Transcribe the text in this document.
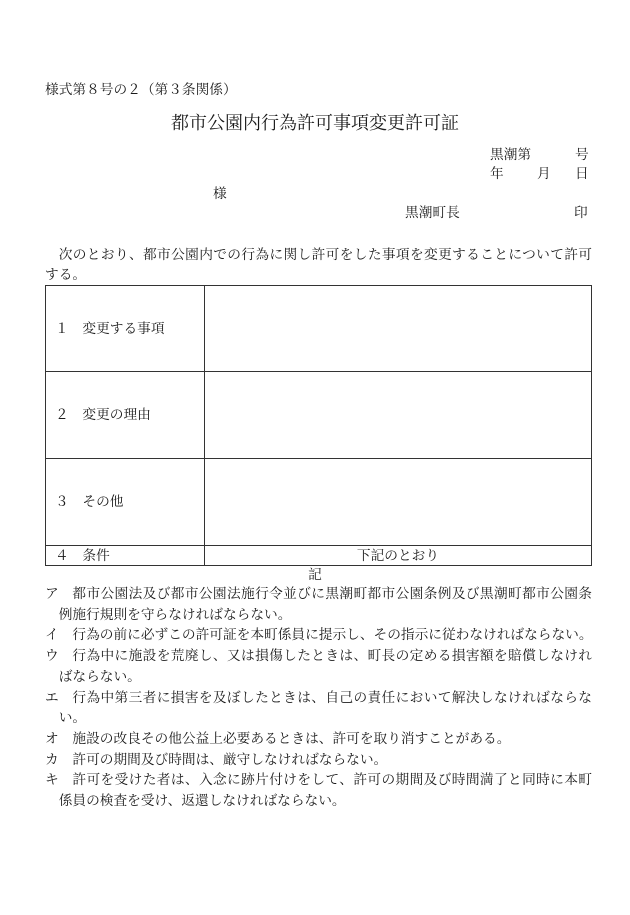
様式第８号の２（第３条関係）
都市公園内行為許可事項変更許可証
黒潮第	号
年 月 日
様
黒潮町長	印
次のとおり、都市公園内での行為に関し許可をした事項を変更することについて許可
する。
１　変更する事項
２　変更の理由
３　その他
４　条件	下記のとおり
記
ア 都市公園法及び都市公園法施行令並びに黒潮町都市公園条例及び黒潮町都市公園条
例施行規則を守らなければならない。
イ 行為の前に必ずこの許可証を本町係員に提示し、その指示に従わなければならない。
ウ 行為中に施設を荒廃し、又は損傷したときは、町長の定める損害額を賠償しなけれ
ばならない。
エ 行為中第三者に損害を及ぼしたときは、自己の責任において解決しなければならな
い。
オ 施設の改良その他公益上必要あるときは、許可を取り消すことがある。
カ 許可の期間及び時間は、厳守しなければならない。
キ 許可を受けた者は、入念に跡片付けをして、許可の期間及び時間満了と同時に本町
係員の検査を受け、返還しなければならない。
